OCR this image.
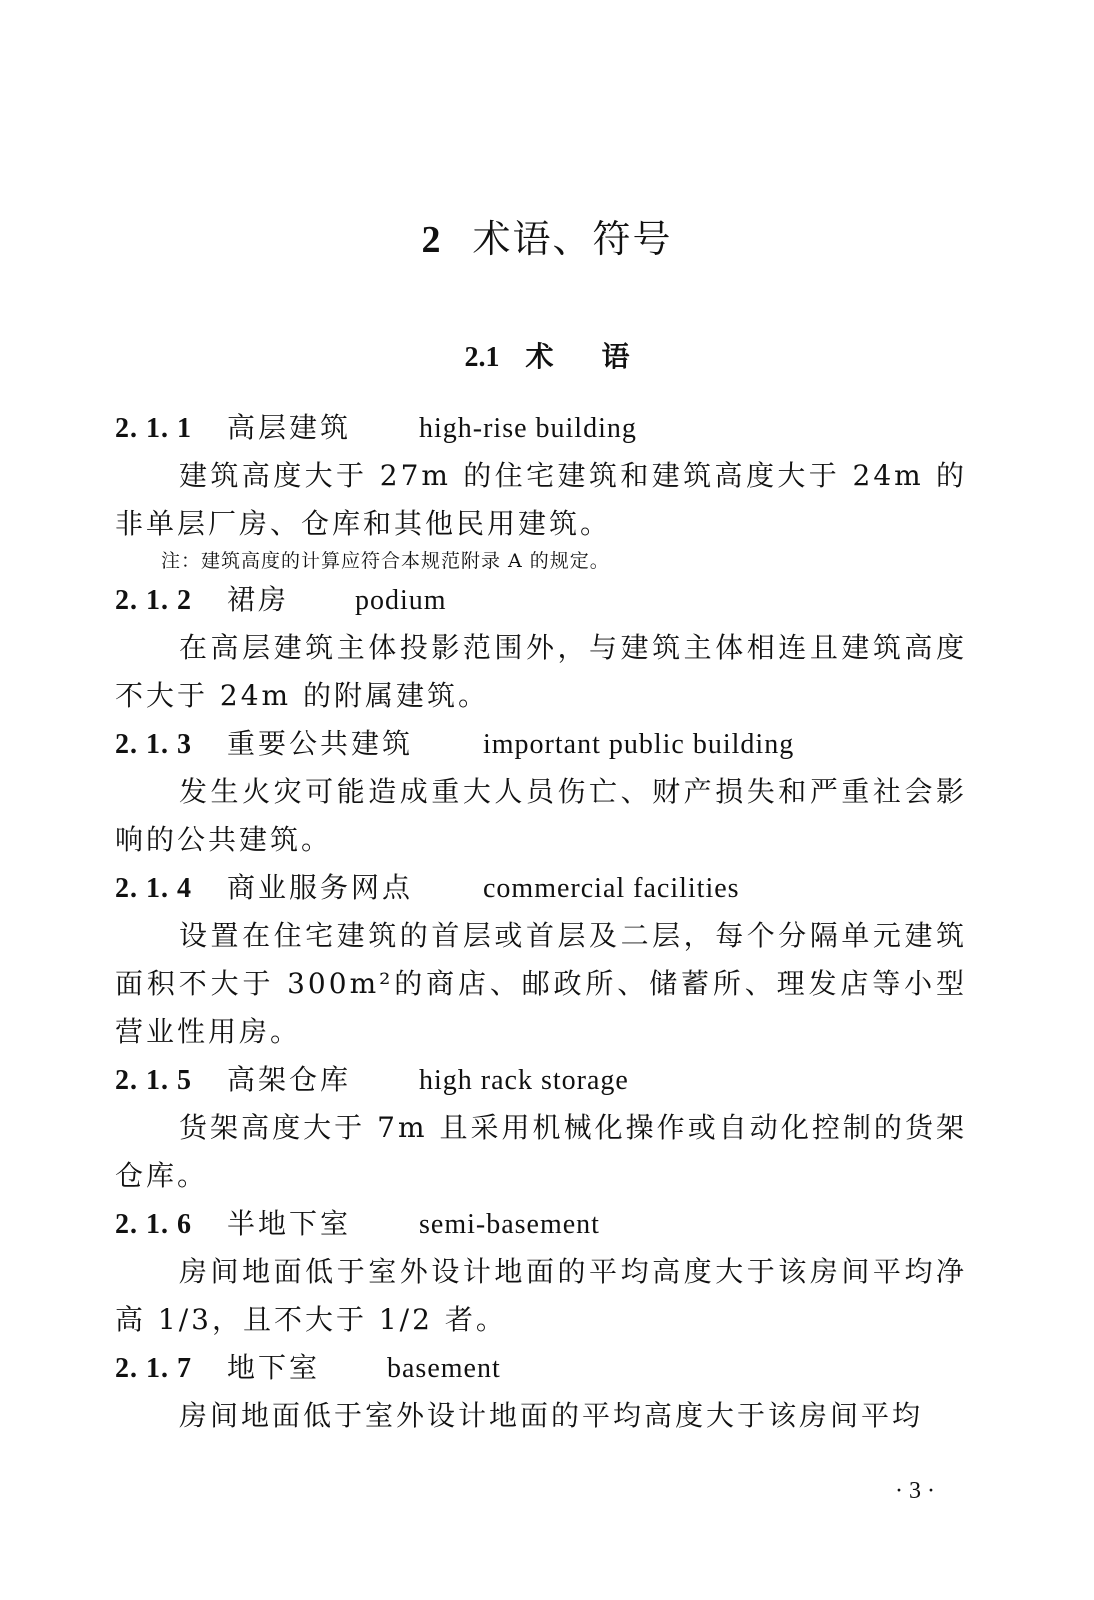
2 术语、符号
2.1 术 语
2. 1. 1 高层建筑 high-rise building
建筑高度大于 27m 的住宅建筑和建筑高度大于 24m 的非单层厂房、仓库和其他民用建筑。
注：建筑高度的计算应符合本规范附录 A 的规定。
2. 1. 2 裙房 podium
在高层建筑主体投影范围外，与建筑主体相连且建筑高度不大于 24m 的附属建筑。
2. 1. 3 重要公共建筑 important public building
发生火灾可能造成重大人员伤亡、财产损失和严重社会影响的公共建筑。
2. 1. 4 商业服务网点 commercial facilities
设置在住宅建筑的首层或首层及二层，每个分隔单元建筑面积不大于 300m²的商店、邮政所、储蓄所、理发店等小型营业性用房。
2. 1. 5 高架仓库 high rack storage
货架高度大于 7m 且采用机械化操作或自动化控制的货架仓库。
2. 1. 6 半地下室 semi-basement
房间地面低于室外设计地面的平均高度大于该房间平均净高 1/3，且不大于 1/2 者。
2. 1. 7 地下室 basement
房间地面低于室外设计地面的平均高度大于该房间平均
· 3 ·
